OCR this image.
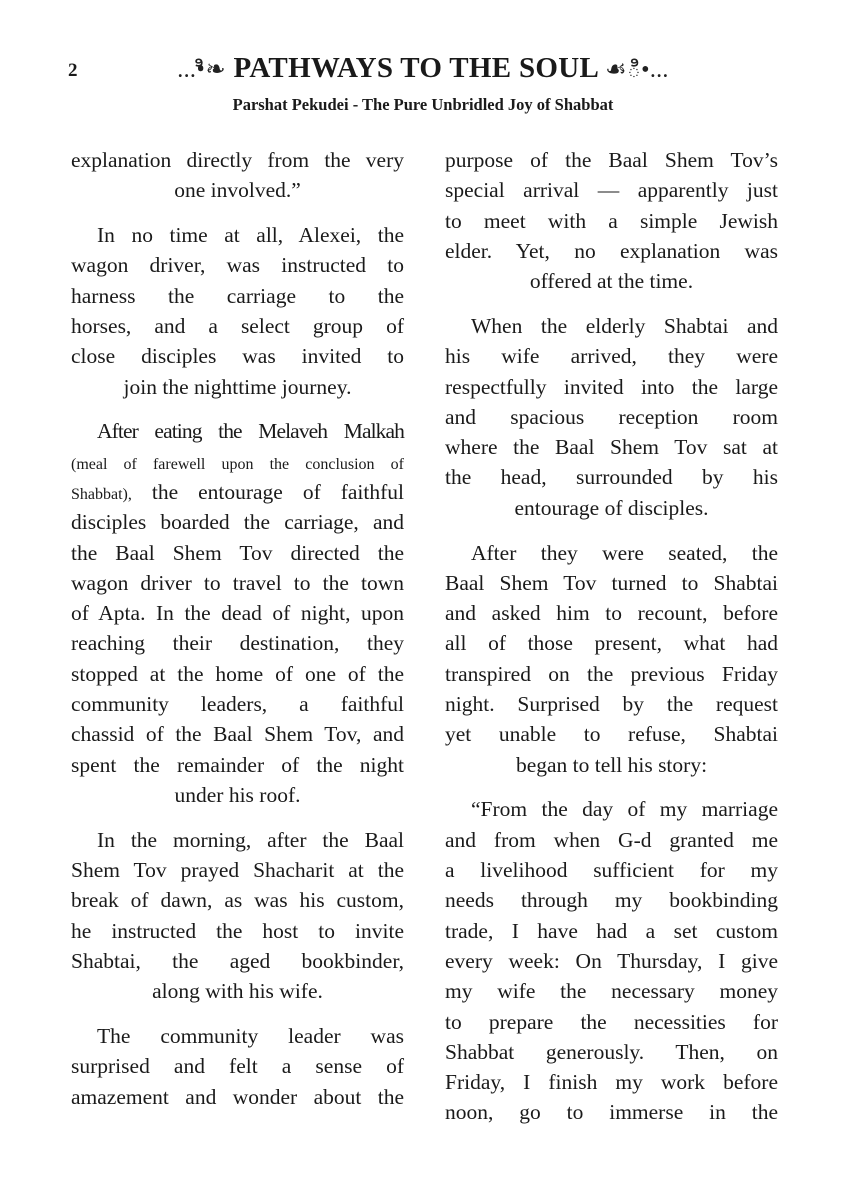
2	...•ి❧ PATHWAYS TO THE SOUL ☙ి•...
Parshat Pekudei - The Pure Unbridled Joy of Shabbat
explanation directly from the very
one involved.”
In no time at all, Alexei, the
wagon driver, was instructed to
harness the carriage to the
horses, and a select group of
close disciples was invited to
join the nighttime journey.
After eating the Melaveh Malkah
(meal of farewell upon the conclusion of
Shabbat), the entourage of faithful
disciples boarded the carriage, and
the Baal Shem Tov directed the
wagon driver to travel to the town
of Apta. In the dead of night, upon
reaching their destination, they
stopped at the home of one of the
community leaders, a faithful
chassid of the Baal Shem Tov, and
spent the remainder of the night
under his roof.
In the morning, after the Baal
Shem Tov prayed Shacharit at the
break of dawn, as was his custom,
he instructed the host to invite
Shabtai, the aged bookbinder,
along with his wife.
The community leader was
surprised and felt a sense of
amazement and wonder about the
purpose of the Baal Shem Tov’s
special arrival — apparently just
to meet with a simple Jewish
elder. Yet, no explanation was
offered at the time.
When the elderly Shabtai and
his wife arrived, they were
respectfully invited into the large
and spacious reception room
where the Baal Shem Tov sat at
the head, surrounded by his
entourage of disciples.
After they were seated, the
Baal Shem Tov turned to Shabtai
and asked him to recount, before
all of those present, what had
transpired on the previous Friday
night. Surprised by the request
yet unable to refuse, Shabtai
began to tell his story:
“From the day of my marriage
and from when G-d granted me
a livelihood sufficient for my
needs through my bookbinding
trade, I have had a set custom
every week: On Thursday, I give
my wife the necessary money
to prepare the necessities for
Shabbat generously. Then, on
Friday, I finish my work before
noon, go to immerse in the
